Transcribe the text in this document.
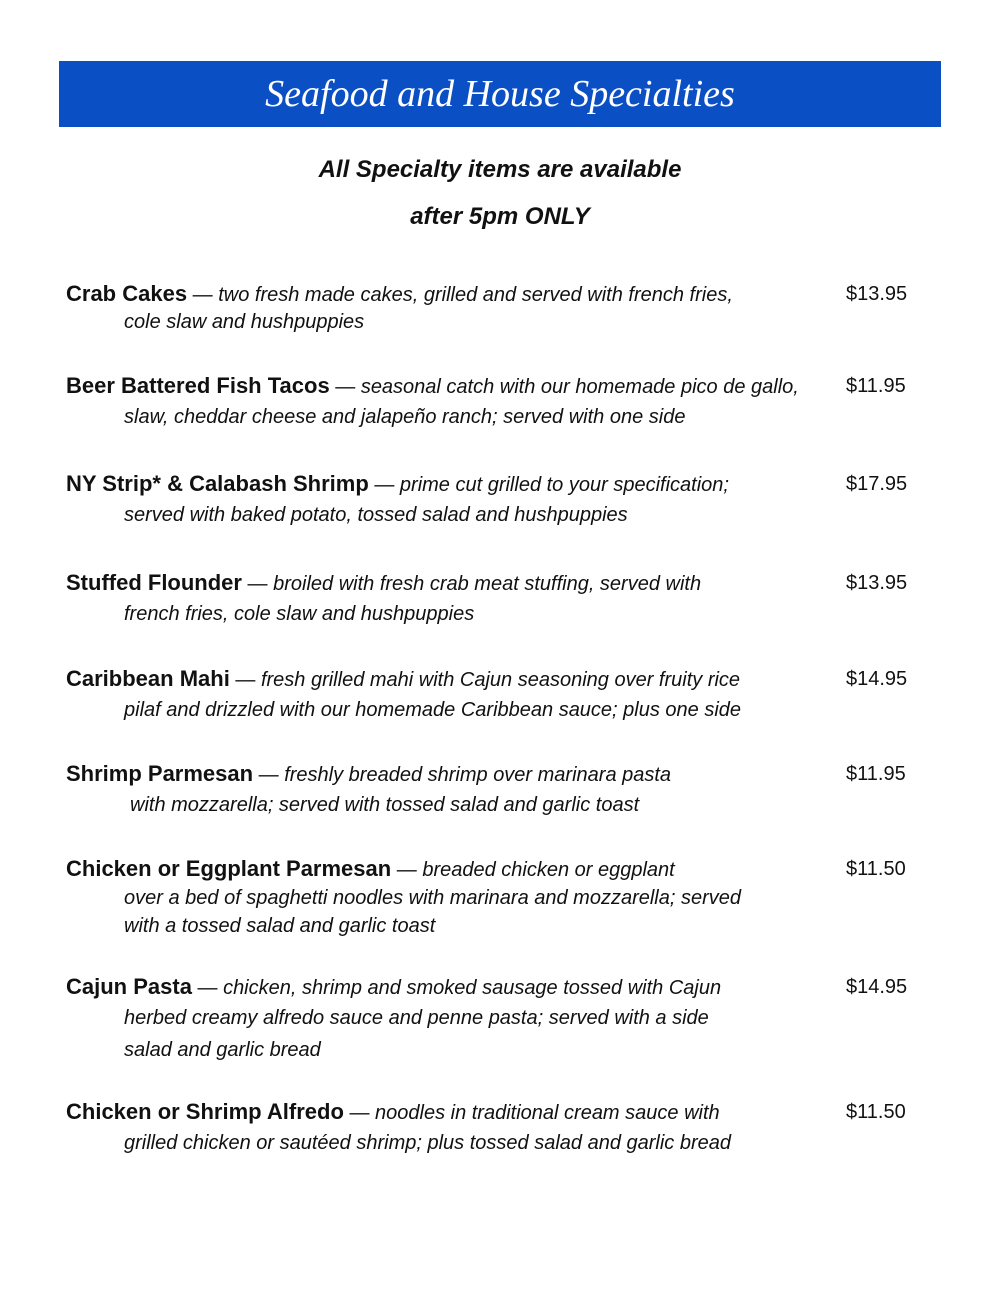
Seafood and House Specialties
All Specialty items are available
after 5pm ONLY
Crab Cakes — two fresh made cakes, grilled and served with french fries,	$13.95
cole slaw and hushpuppies
Beer Battered Fish Tacos — seasonal catch with our homemade pico de gallo, $11.95
slaw, cheddar cheese and jalapeño ranch; served with one side
NY Strip* & Calabash Shrimp — prime cut grilled to your specification;	$17.95
served with baked potato, tossed salad and hushpuppies
Stuffed Flounder — broiled with fresh crab meat stuffing, served with	$13.95
french fries, cole slaw and hushpuppies
Caribbean Mahi — fresh grilled mahi with Cajun seasoning over fruity rice	$14.95
pilaf and drizzled with our homemade Caribbean sauce; plus one side
Shrimp Parmesan — freshly breaded shrimp over marinara pasta	$11.95
with mozzarella; served with tossed salad and garlic toast
Chicken or Eggplant Parmesan — breaded chicken or eggplant	$11.50
over a bed of spaghetti noodles with marinara and mozzarella; served
with a tossed salad and garlic toast
Cajun Pasta — chicken, shrimp and smoked sausage tossed with Cajun	$14.95
herbed creamy alfredo sauce and penne pasta; served with a side
salad and garlic bread
Chicken or Shrimp Alfredo — noodles in traditional cream sauce with	$11.50
grilled chicken or sautéed shrimp; plus tossed salad and garlic bread
